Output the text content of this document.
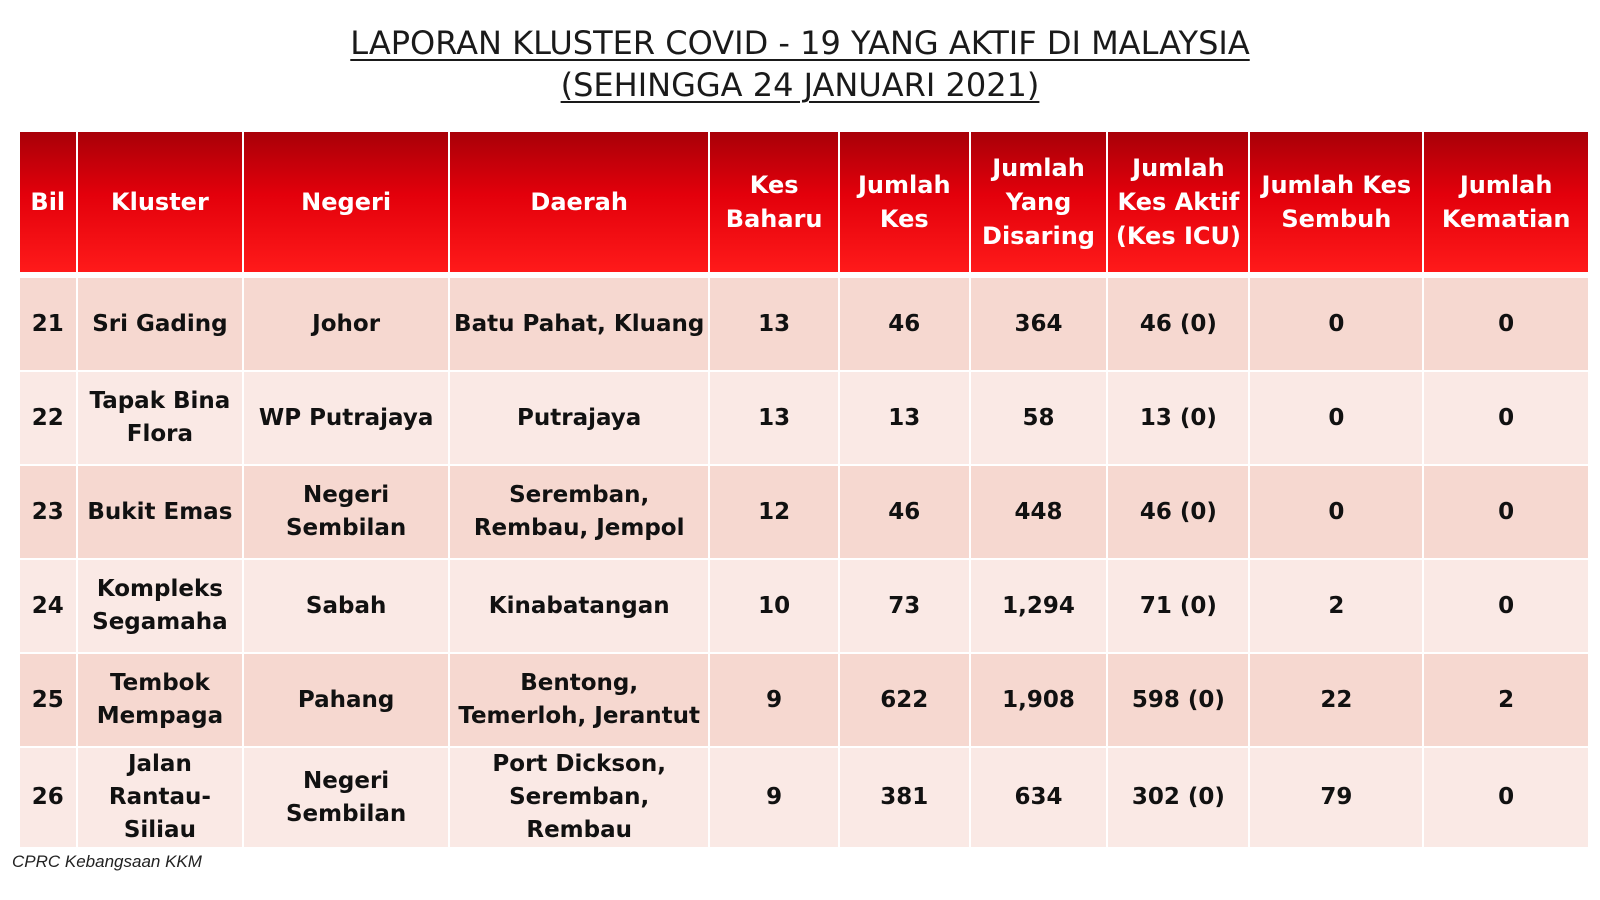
LAPORAN KLUSTER COVID - 19 YANG AKTIF DI MALAYSIA
(SEHINGGA 24 JANUARI 2021)
Bil	Kluster	Negeri	Daerah	Kes Baharu	Jumlah Kes	Jumlah Yang Disaring	Jumlah Kes Aktif (Kes ICU)	Jumlah Kes Sembuh	Jumlah Kematian

21	Sri Gading	Johor	Batu Pahat, Kluang	13	46	364	46 (0)	0	0
22	Tapak Bina Flora	WP Putrajaya	Putrajaya	13	13	58	13 (0)	0	0
23	Bukit Emas	Negeri Sembilan	Seremban, Rembau, Jempol	12	46	448	46 (0)	0	0
24	Kompleks Segamaha	Sabah	Kinabatangan	10	73	1,294	71 (0)	2	0
25	Tembok Mempaga	Pahang	Bentong, Temerloh, Jerantut	9	622	1,908	598 (0)	22	2
26	Jalan Rantau-Siliau	Negeri Sembilan	Port Dickson, Seremban, Rembau	9	381	634	302 (0)	79	0
CPRC Kebangsaan KKM
